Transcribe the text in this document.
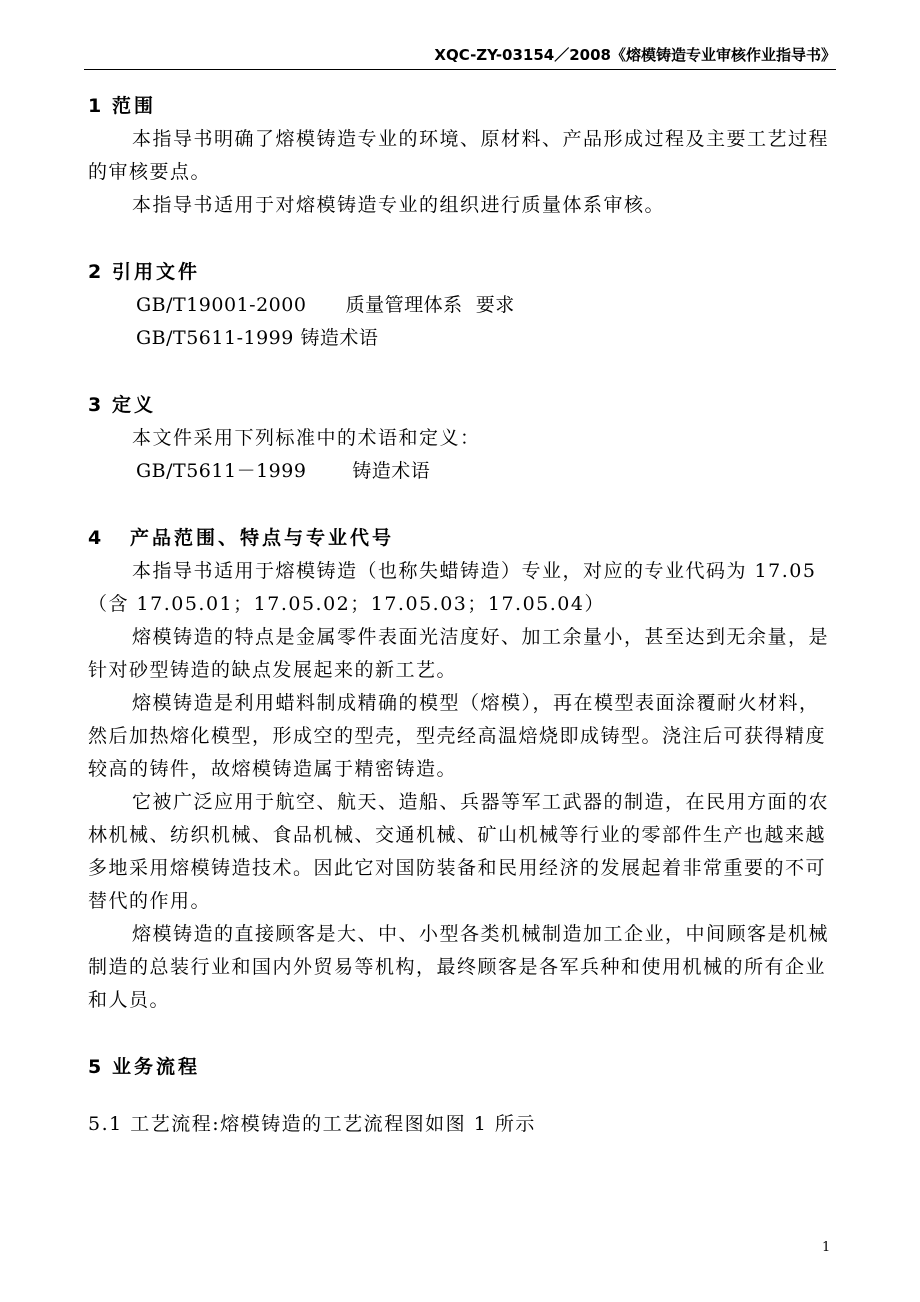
XQC-ZY-03154／2008《熔模铸造专业审核作业指导书》
1 范围

本指导书明确了熔模铸造专业的环境、原材料、产品形成过程及主要工艺过程的审核要点。

本指导书适用于对熔模铸造专业的组织进行质量体系审核。

2 引用文件

GB/T19001-2000      质量管理体系  要求

GB/T5611-1999 铸造术语

3 定义

本文件采用下列标准中的术语和定义：

GB/T5611－1999       铸造术语

4 产品范围、特点与专业代号

本指导书适用于熔模铸造（也称失蜡铸造）专业，对应的专业代码为 17.05（含 17.05.01；17.05.02；17.05.03；17.05.04）

熔模铸造的特点是金属零件表面光洁度好、加工余量小，甚至达到无余量，是针对砂型铸造的缺点发展起来的新工艺。

熔模铸造是利用蜡料制成精确的模型（熔模），再在模型表面涂覆耐火材料，然后加热熔化模型，形成空的型壳，型壳经高温焙烧即成铸型。浇注后可获得精度较高的铸件，故熔模铸造属于精密铸造。

它被广泛应用于航空、航天、造船、兵器等军工武器的制造，在民用方面的农林机械、纺织机械、食品机械、交通机械、矿山机械等行业的零部件生产也越来越多地采用熔模铸造技术。因此它对国防装备和民用经济的发展起着非常重要的不可替代的作用。

熔模铸造的直接顾客是大、中、小型各类机械制造加工企业，中间顾客是机械制造的总装行业和国内外贸易等机构，最终顾客是各军兵种和使用机械的所有企业和人员。

5 业务流程

5.1 工艺流程:熔模铸造的工艺流程图如图 1 所示

1
